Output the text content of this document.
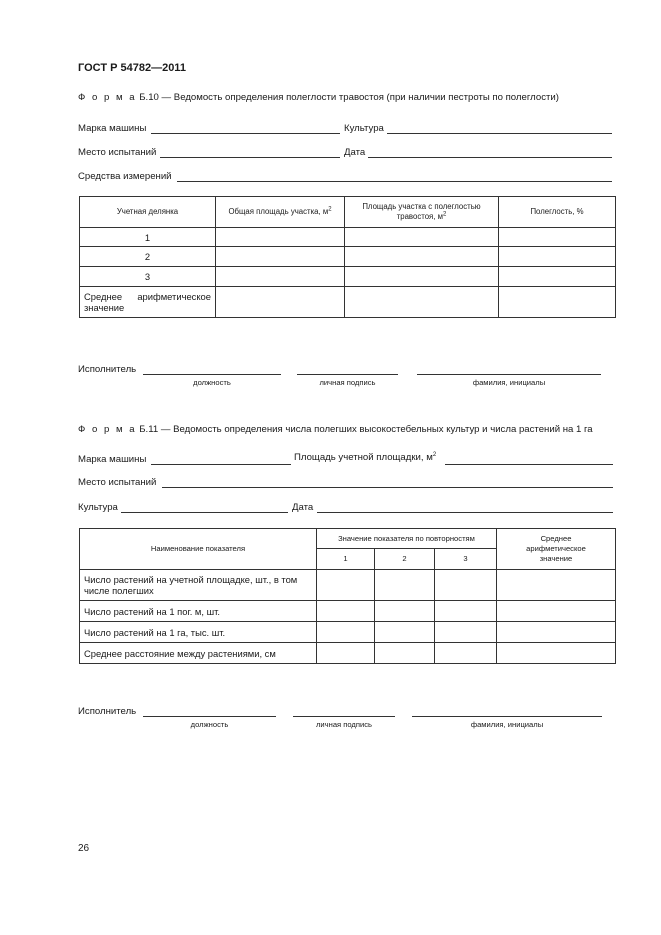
ГОСТ Р 54782—2011
Ф о р м а Б.10 — Ведомость определения полеглости травостоя (при наличии пестроты по полеглости)
Марка машины	Культура
Место испытаний	Дата
Средства измерений
Учетная делянка	Общая площадь участка, $м^2$	Площадь участка с полеглостью травостоя, $м^2$	Полеглость, %
1			
2			
3			
Среднее арифметическое значение			
Исполнитель
должность	личная подпись	фамилия, инициалы
Ф о р м а Б.11 — Ведомость определения числа полегших высокостебельных культур и числа растений на 1 га
Марка машины	Площадь учетной площадки, $м^2$
Место испытаний
Культура	Дата
Наименование показателя	Значение показателя по повторностям			Среднее арифметическое значение
	1	2	3	
Число растений на учетной площадке, шт., в том числе полегших				
Число растений на 1 пог. м, шт.				
Число растений на 1 га, тыс. шт.				
Среднее расстояние между растениями, см				
Исполнитель
должность	личная подпись	фамилия, инициалы
26
